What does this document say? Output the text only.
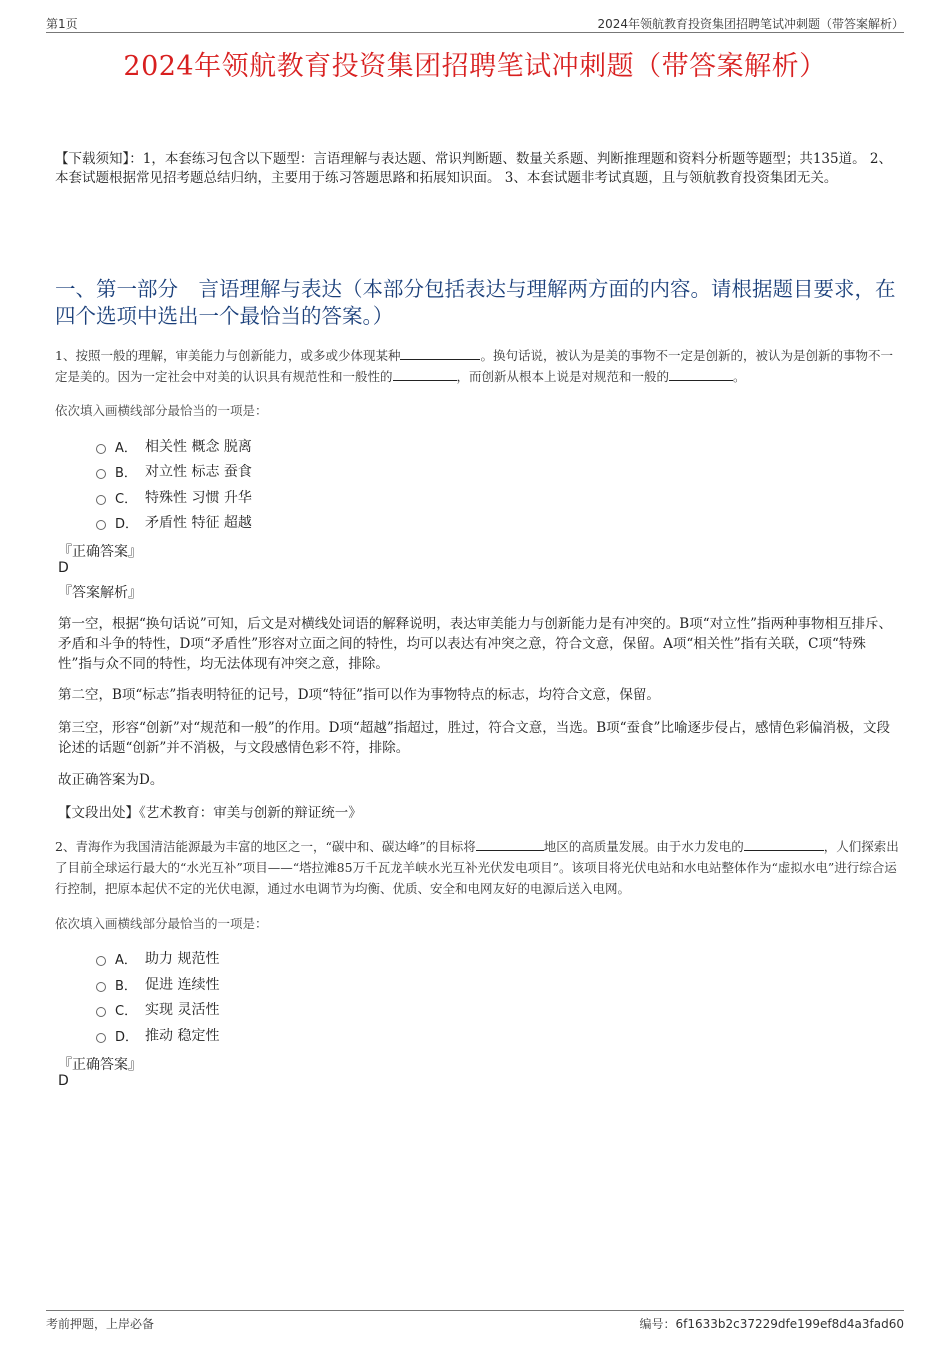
第1页	2024年领航教育投资集团招聘笔试冲刺题（带答案解析）
2024年领航教育投资集团招聘笔试冲刺题（带答案解析）
【下载须知】：1，本套练习包含以下题型：言语理解与表达题、常识判断题、数量关系题、判断推理题和资料分析题等题型；共135道。 2、本套试题根据常见招考题总结归纳，主要用于练习答题思路和拓展知识面。 3、本套试题非考试真题，且与领航教育投资集团无关。
一、第一部分　言语理解与表达（本部分包括表达与理解两方面的内容。请根据题目要求，在四个选项中选出一个最恰当的答案。）
1、按照一般的理解，审美能力与创新能力，或多或少体现某种	。换句话说，被认为是美的事物不一定是创新的，被认为是创新的事物不一定是美的。因为一定社会中对美的认识具有规范性和一般性的	，而创新从根本上说是对规范和一般的	。
依次填入画横线部分最恰当的一项是：
A． 相关性 概念 脱离
B． 对立性 标志 蚕食
C． 特殊性 习惯 升华
D． 矛盾性 特征 超越
『正确答案』
D
『答案解析』
第一空，根据“换句话说”可知，后文是对横线处词语的解释说明，表达审美能力与创新能力是有冲突的。B项“对立性”指两种事物相互排斥、矛盾和斗争的特性，D项“矛盾性”形容对立面之间的特性，均可以表达有冲突之意，符合文意，保留。A项“相关性”指有关联，C项“特殊性”指与众不同的特性，均无法体现有冲突之意，排除。
第二空，B项“标志”指表明特征的记号，D项“特征”指可以作为事物特点的标志，均符合文意，保留。
第三空，形容“创新”对“规范和一般”的作用。D项“超越”指超过，胜过，符合文意，当选。B项“蚕食”比喻逐步侵占，感情色彩偏消极，文段论述的话题“创新”并不消极，与文段感情色彩不符，排除。
故正确答案为D。
【文段出处】《艺术教育：审美与创新的辩证统一》
2、青海作为我国清洁能源最为丰富的地区之一，“碳中和、碳达峰”的目标将	地区的高质量发展。由于水力发电的	，人们探索出了目前全球运行最大的“水光互补”项目——“塔拉滩85万千瓦龙羊峡水光互补光伏发电项目”。该项目将光伏电站和水电站整体作为“虚拟水电”进行综合运行控制，把原本起伏不定的光伏电源，通过水电调节为均衡、优质、安全和电网友好的电源后送入电网。
依次填入画横线部分最恰当的一项是：
A． 助力 规范性
B． 促进 连续性
C． 实现 灵活性
D． 推动 稳定性
『正确答案』
D
考前押题，上岸必备	编号：6f1633b2c37229dfe199ef8d4a3fad60
